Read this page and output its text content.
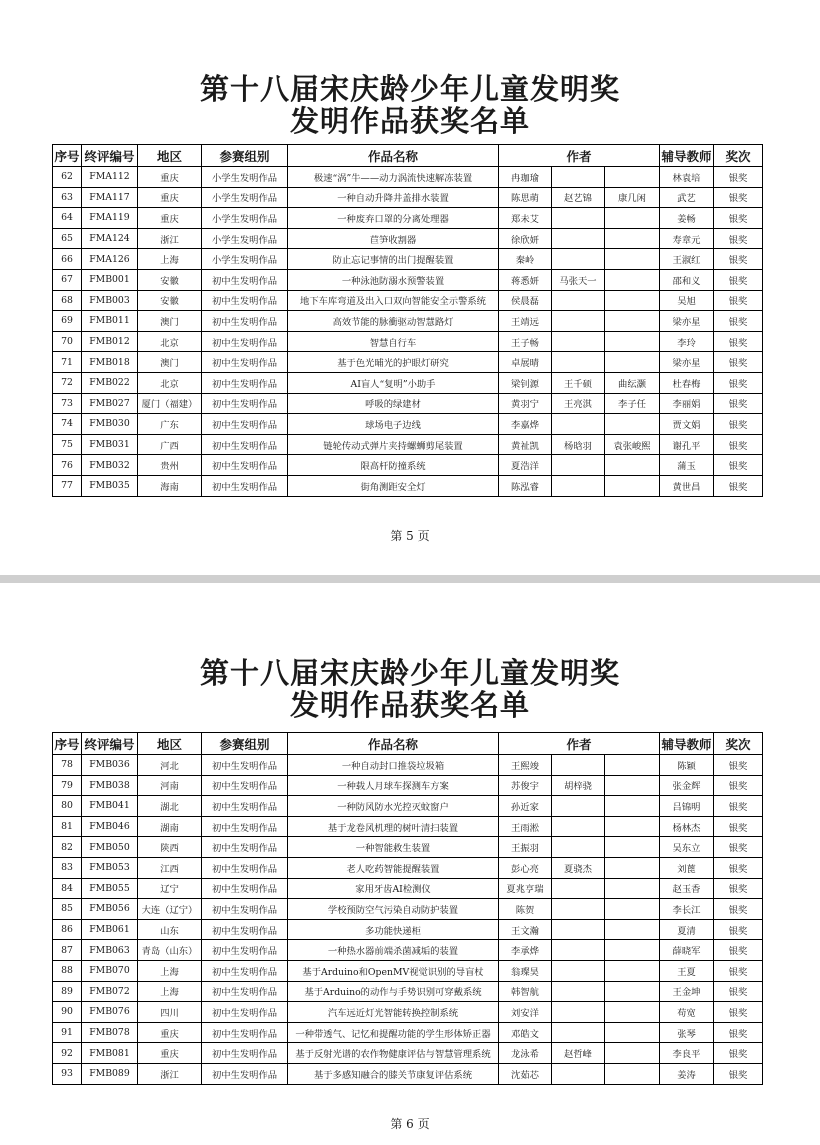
第十八届宋庆龄少年儿童发明奖
发明作品获奖名单
序号	终评编号	地区	参赛组别	作品名称	作者			辅导教师	奖次
62	FMA112	重庆	小学生发明作品	极速“涡”牛——动力涡流快速解冻装置	冉珈瑜			林袁培	银奖
63	FMA117	重庆	小学生发明作品	一种自动升降井盖排水装置	陈思萌	赵艺锦	康几闲	武艺	银奖
64	FMA119	重庆	小学生发明作品	一种废弃口罩的分离处理器	郑未艾			姜畅	银奖
65	FMA124	浙江	小学生发明作品	苣笋收割器	徐欣妍			寿章元	银奖
66	FMA126	上海	小学生发明作品	防止忘记事情的出门提醒装置	秦岭			王淑红	银奖
67	FMB001	安徽	初中生发明作品	一种泳池防溺水预警装置	蒋悉妍	马张天一		邵和义	银奖
68	FMB003	安徽	初中生发明作品	地下车库弯道及出入口双向智能安全示警系统	侯晨磊			吴旭	银奖
69	FMB011	澳门	初中生发明作品	高效节能的脉衝驱动智慧路灯	王靖远			梁亦星	银奖
70	FMB012	北京	初中生发明作品	智慧自行车	王子畅			李玲	银奖
71	FMB018	澳门	初中生发明作品	基于色光晡光的护眼灯研究	卓展晴			梁亦星	银奖
72	FMB022	北京	初中生发明作品	AI盲人“复明”小助手	梁钊源	王千硕	曲纭灏	杜春梅	银奖
73	FMB027	厦门（福建）	初中生发明作品	呼吸的绿建材	黄羽宁	王亮淇	李子任	李丽娟	银奖
74	FMB030	广东	初中生发明作品	球场电子边线	李嘉烨			贾文娟	银奖
75	FMB031	广西	初中生发明作品	链轮传动式弹片夹持螺蛳剪尾装置	黄祉凯	杨晗羽	袁张峻熙	谢孔平	银奖
76	FMB032	贵州	初中生发明作品	限高杆防撞系统	夏浩洋			蒲玉	银奖
77	FMB035	海南	初中生发明作品	街角测距安全灯	陈泓睿			黄世昌	银奖
第 5 页
第十八届宋庆龄少年儿童发明奖
发明作品获奖名单
序号	终评编号	地区	参赛组别	作品名称	作者			辅导教师	奖次
78	FMB036	河北	初中生发明作品	一种自动封口推袋垃圾箱	王熙竣			陈颖	银奖
79	FMB038	河南	初中生发明作品	一种载人月球车探测车方案	苏俊宇	胡梓骁		张金辉	银奖
80	FMB041	湖北	初中生发明作品	一种防风防水光控灭蚊窗户	孙近家			吕锦明	银奖
81	FMB046	湖南	初中生发明作品	基于龙卷风机理的树叶清扫装置	王雨淞			杨林杰	银奖
82	FMB050	陕西	初中生发明作品	一种智能救生装置	王振羽			吴东立	银奖
83	FMB053	江西	初中生发明作品	老人吃药智能提醒装置	彭心亮	夏骁杰		刘蓖	银奖
84	FMB055	辽宁	初中生发明作品	家用牙齿AI检测仪	夏兆亨瑞			赵玉香	银奖
85	FMB056	大连（辽宁）	初中生发明作品	学校预防空气污染自动防护装置	陈贺			李长江	银奖
86	FMB061	山东	初中生发明作品	多功能快递柜	王文瀚			夏清	银奖
87	FMB063	青岛（山东）	初中生发明作品	一种热水器前端杀菌减垢的装置	李承烨			薛晓军	银奖
88	FMB070	上海	初中生发明作品	基于Arduino和OpenMV视觉识别的导盲杖	翁璨昊			王夏	银奖
89	FMB072	上海	初中生发明作品	基于Arduino的动作与手势识别可穿戴系统	韩智航			王金坤	银奖
90	FMB076	四川	初中生发明作品	汽车远近灯光智能转换控制系统	刘安洋			苟宽	银奖
91	FMB078	重庆	初中生发明作品	一种带透气、记忆和提醒功能的学生形体矫正器	邓皓文			张琴	银奖
92	FMB081	重庆	初中生发明作品	基于反射光谱的农作物健康评估与智慧管理系统	龙泳希	赵哲峰		李良平	银奖
93	FMB089	浙江	初中生发明作品	基于多感知融合的膝关节康复评估系统	沈茹芯			姜涛	银奖
第 6 页
